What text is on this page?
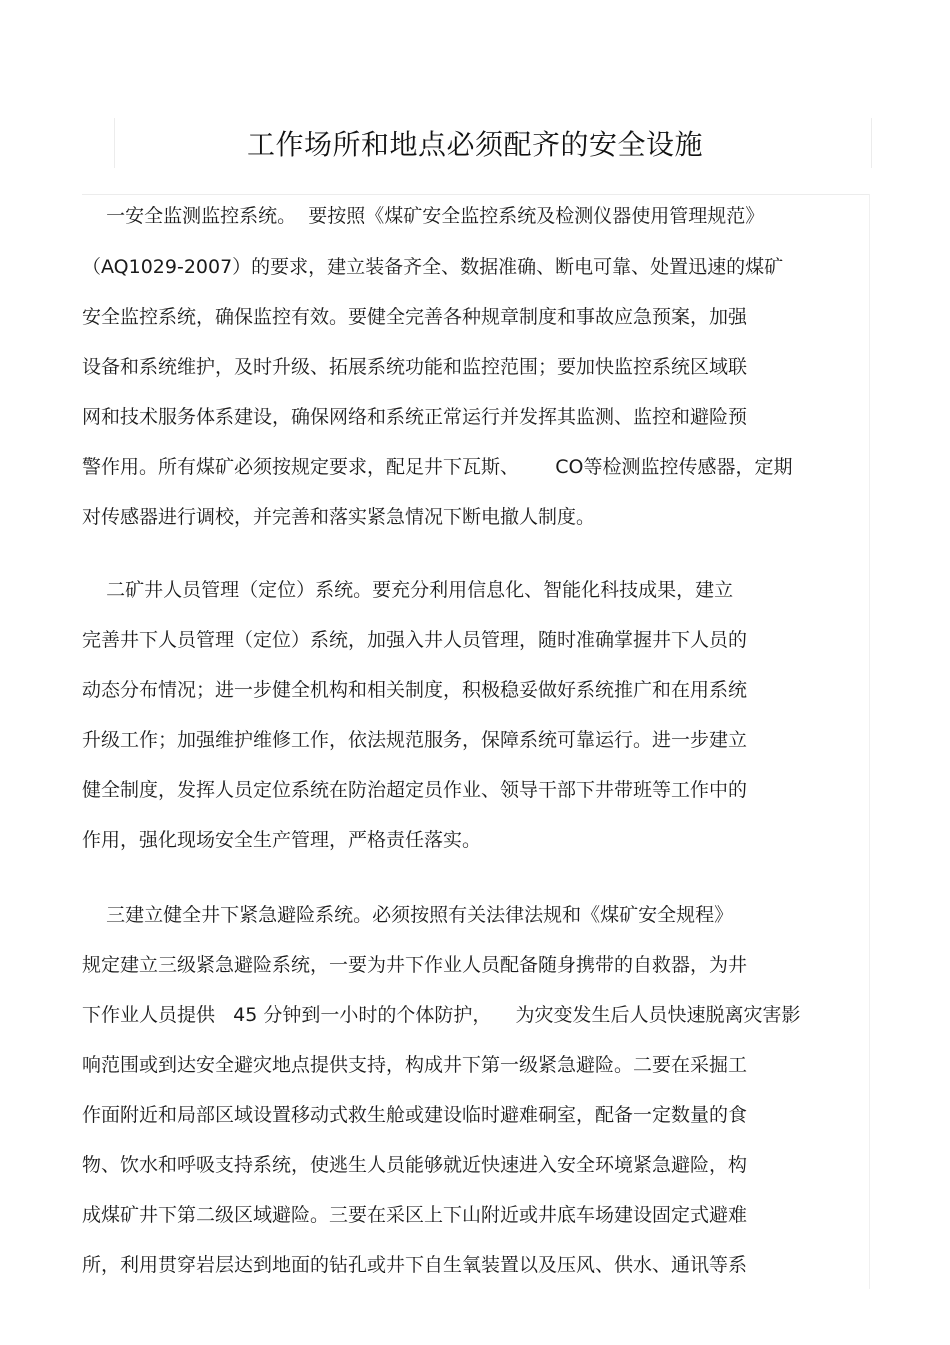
工作场所和地点必须配齐的安全设施

一安全监测监控系统。  要按照《煤矿安全监控系统及检测仪器使用管理规范》

（AQ1029-2007）的要求，建立装备齐全、数据准确、断电可靠、处置迅速的煤矿

安全监控系统，确保监控有效。要健全完善各种规章制度和事故应急预案，加强

设备和系统维护，及时升级、拓展系统功能和监控范围；要加快监控系统区域联

网和技术服务体系建设，确保网络和系统正常运行并发挥其监测、监控和避险预

警作用。所有煤矿必须按规定要求，配足井下瓦斯、      CO等检测监控传感器，定期

对传感器进行调校，并完善和落实紧急情况下断电撤人制度。

二矿井人员管理（定位）系统。要充分利用信息化、智能化科技成果，建立

完善井下人员管理（定位）系统，加强入井人员管理，随时准确掌握井下人员的

动态分布情况；进一步健全机构和相关制度，积极稳妥做好系统推广和在用系统

升级工作；加强维护维修工作，依法规范服务，保障系统可靠运行。进一步建立

健全制度，发挥人员定位系统在防治超定员作业、领导干部下井带班等工作中的

作用，强化现场安全生产管理，严格责任落实。

三建立健全井下紧急避险系统。必须按照有关法律法规和《煤矿安全规程》

规定建立三级紧急避险系统，一要为井下作业人员配备随身携带的自救器，为井

下作业人员提供   45 分钟到一小时的个体防护，    为灾变发生后人员快速脱离灾害影

响范围或到达安全避灾地点提供支持，构成井下第一级紧急避险。二要在采掘工

作面附近和局部区域设置移动式救生舱或建设临时避难硐室，配备一定数量的食

物、饮水和呼吸支持系统，使逃生人员能够就近快速进入安全环境紧急避险，构

成煤矿井下第二级区域避险。三要在采区上下山附近或井底车场建设固定式避难

所，利用贯穿岩层达到地面的钻孔或井下自生氧装置以及压风、供水、通讯等系
